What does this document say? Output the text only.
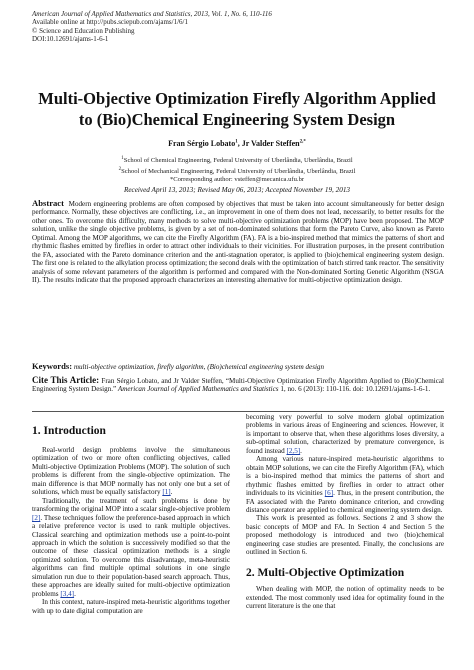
American Journal of Applied Mathematics and Statistics, 2013, Vol. 1, No. 6, 110-116
Available online at http://pubs.sciepub.com/ajams/1/6/1
© Science and Education Publishing
DOI:10.12691/ajams-1-6-1
Multi-Objective Optimization Firefly Algorithm Applied
to (Bio)Chemical Engineering System Design
Fran Sérgio Lobato$^1$, Jr Valder Steffen$^{2,*}$
$^1$School of Chemical Engineering, Federal University of Uberlândia, Uberlândia, Brazil
$^2$School of Mechanical Engineering, Federal University of Uberlândia, Uberlândia, Brazil
*Corresponding author: vsteffen@mecanica.ufu.br
Received April 13, 2013; Revised May 06, 2013; Accepted November 19, 2013
Abstract Modern engineering problems are often composed by objectives that must be taken into account simultaneously for better design performance. Normally, these objectives are conflicting, i.e., an improvement in one of them does not lead, necessarily, to better results for the other ones. To overcome this difficulty, many methods to solve multi-objective optimization problems (MOP) have been proposed. The MOP solution, unlike the single objective problems, is given by a set of non-dominated solutions that form the Pareto Curve, also known as Pareto Optimal. Among the MOP algorithms, we can cite the Firefly Algorithm (FA). FA is a bio-inspired method that mimics the patterns of short and rhythmic flashes emitted by fireflies in order to attract other individuals to their vicinities. For illustration purposes, in the present contribution the FA, associated with the Pareto dominance criterion and the anti-stagnation operator, is applied to (bio)chemical engineering system design. The first one is related to the alkylation process optimization; the second deals with the optimization of batch stirred tank reactor. The sensitivity analysis of some relevant parameters of the algorithm is performed and compared with the Non-dominated Sorting Genetic Algorithm (NSGA II). The results indicate that the proposed approach characterizes an interesting alternative for multi-objective optimization design.
Keywords: multi-objective optimization, firefly algorithm, (Bio)chemical engineering system design
Cite This Article: Fran Sérgio Lobato, and Jr Valder Steffen, “Multi-Objective Optimization Firefly Algorithm Applied to (Bio)Chemical Engineering System Design.” American Journal of Applied Mathematics and Statistics 1, no. 6 (2013): 110-116. doi: 10.12691/ajams-1-6-1.
1. Introduction

Real-world design problems involve the simultaneous optimization of two or more often conflicting objectives, called Multi-objective Optimization Problems (MOP). The solution of such problems is different from the single-objective optimization. The main difference is that MOP normally has not only one but a set of solutions, which must be equally satisfactory [1].

Traditionally, the treatment of such problems is done by transforming the original MOP into a scalar single-objective problem [2]. These techniques follow the preference-based approach in which a relative preference vector is used to rank multiple objectives. Classical searching and optimization methods use a point-to-point approach in which the solution is successively modified so that the outcome of these classical optimization methods is a single optimized solution. To overcome this disadvantage, meta-heuristic algorithms can find multiple optimal solutions in one single simulation run due to their population-based search approach. Thus, these approaches are ideally suited for multi-objective optimization problems [3,4].

In this context, nature-inspired meta-heuristic algorithms together with up to date digital computation are

becoming very powerful to solve modern global optimization problems in various áreas of Engineering and sciences. However, it is important to observe that, when these algorithms loses diversity, a sub-optimal solution, characterized by premature convergence, is found instead [2,5].

Among various nature-inspired meta-heuristic algorithms to obtain MOP solutions, we can cite the Firefly Algorithm (FA), which is a bio-inspired method that mimics the patterns of short and rhythmic flashes emitted by fireflies in order to attract other individuals to its vicinities [6]. Thus, in the present contribution, the FA associated with the Pareto dominance criterion, and crowding distance operator are applied to chemical engineering system design.

This work is presented as follows. Sections 2 and 3 show the basic concepts of MOP and FA. In Section 4 and Section 5 the proposed methodology is introduced and two (bio)chemical engineering case studies are presented. Finally, the conclusions are outlined in Section 6.

2. Multi-Objective Optimization

When dealing with MOP, the notion of optimality needs to be extended. The most commonly used idea for optimality found in the current literature is the one that
